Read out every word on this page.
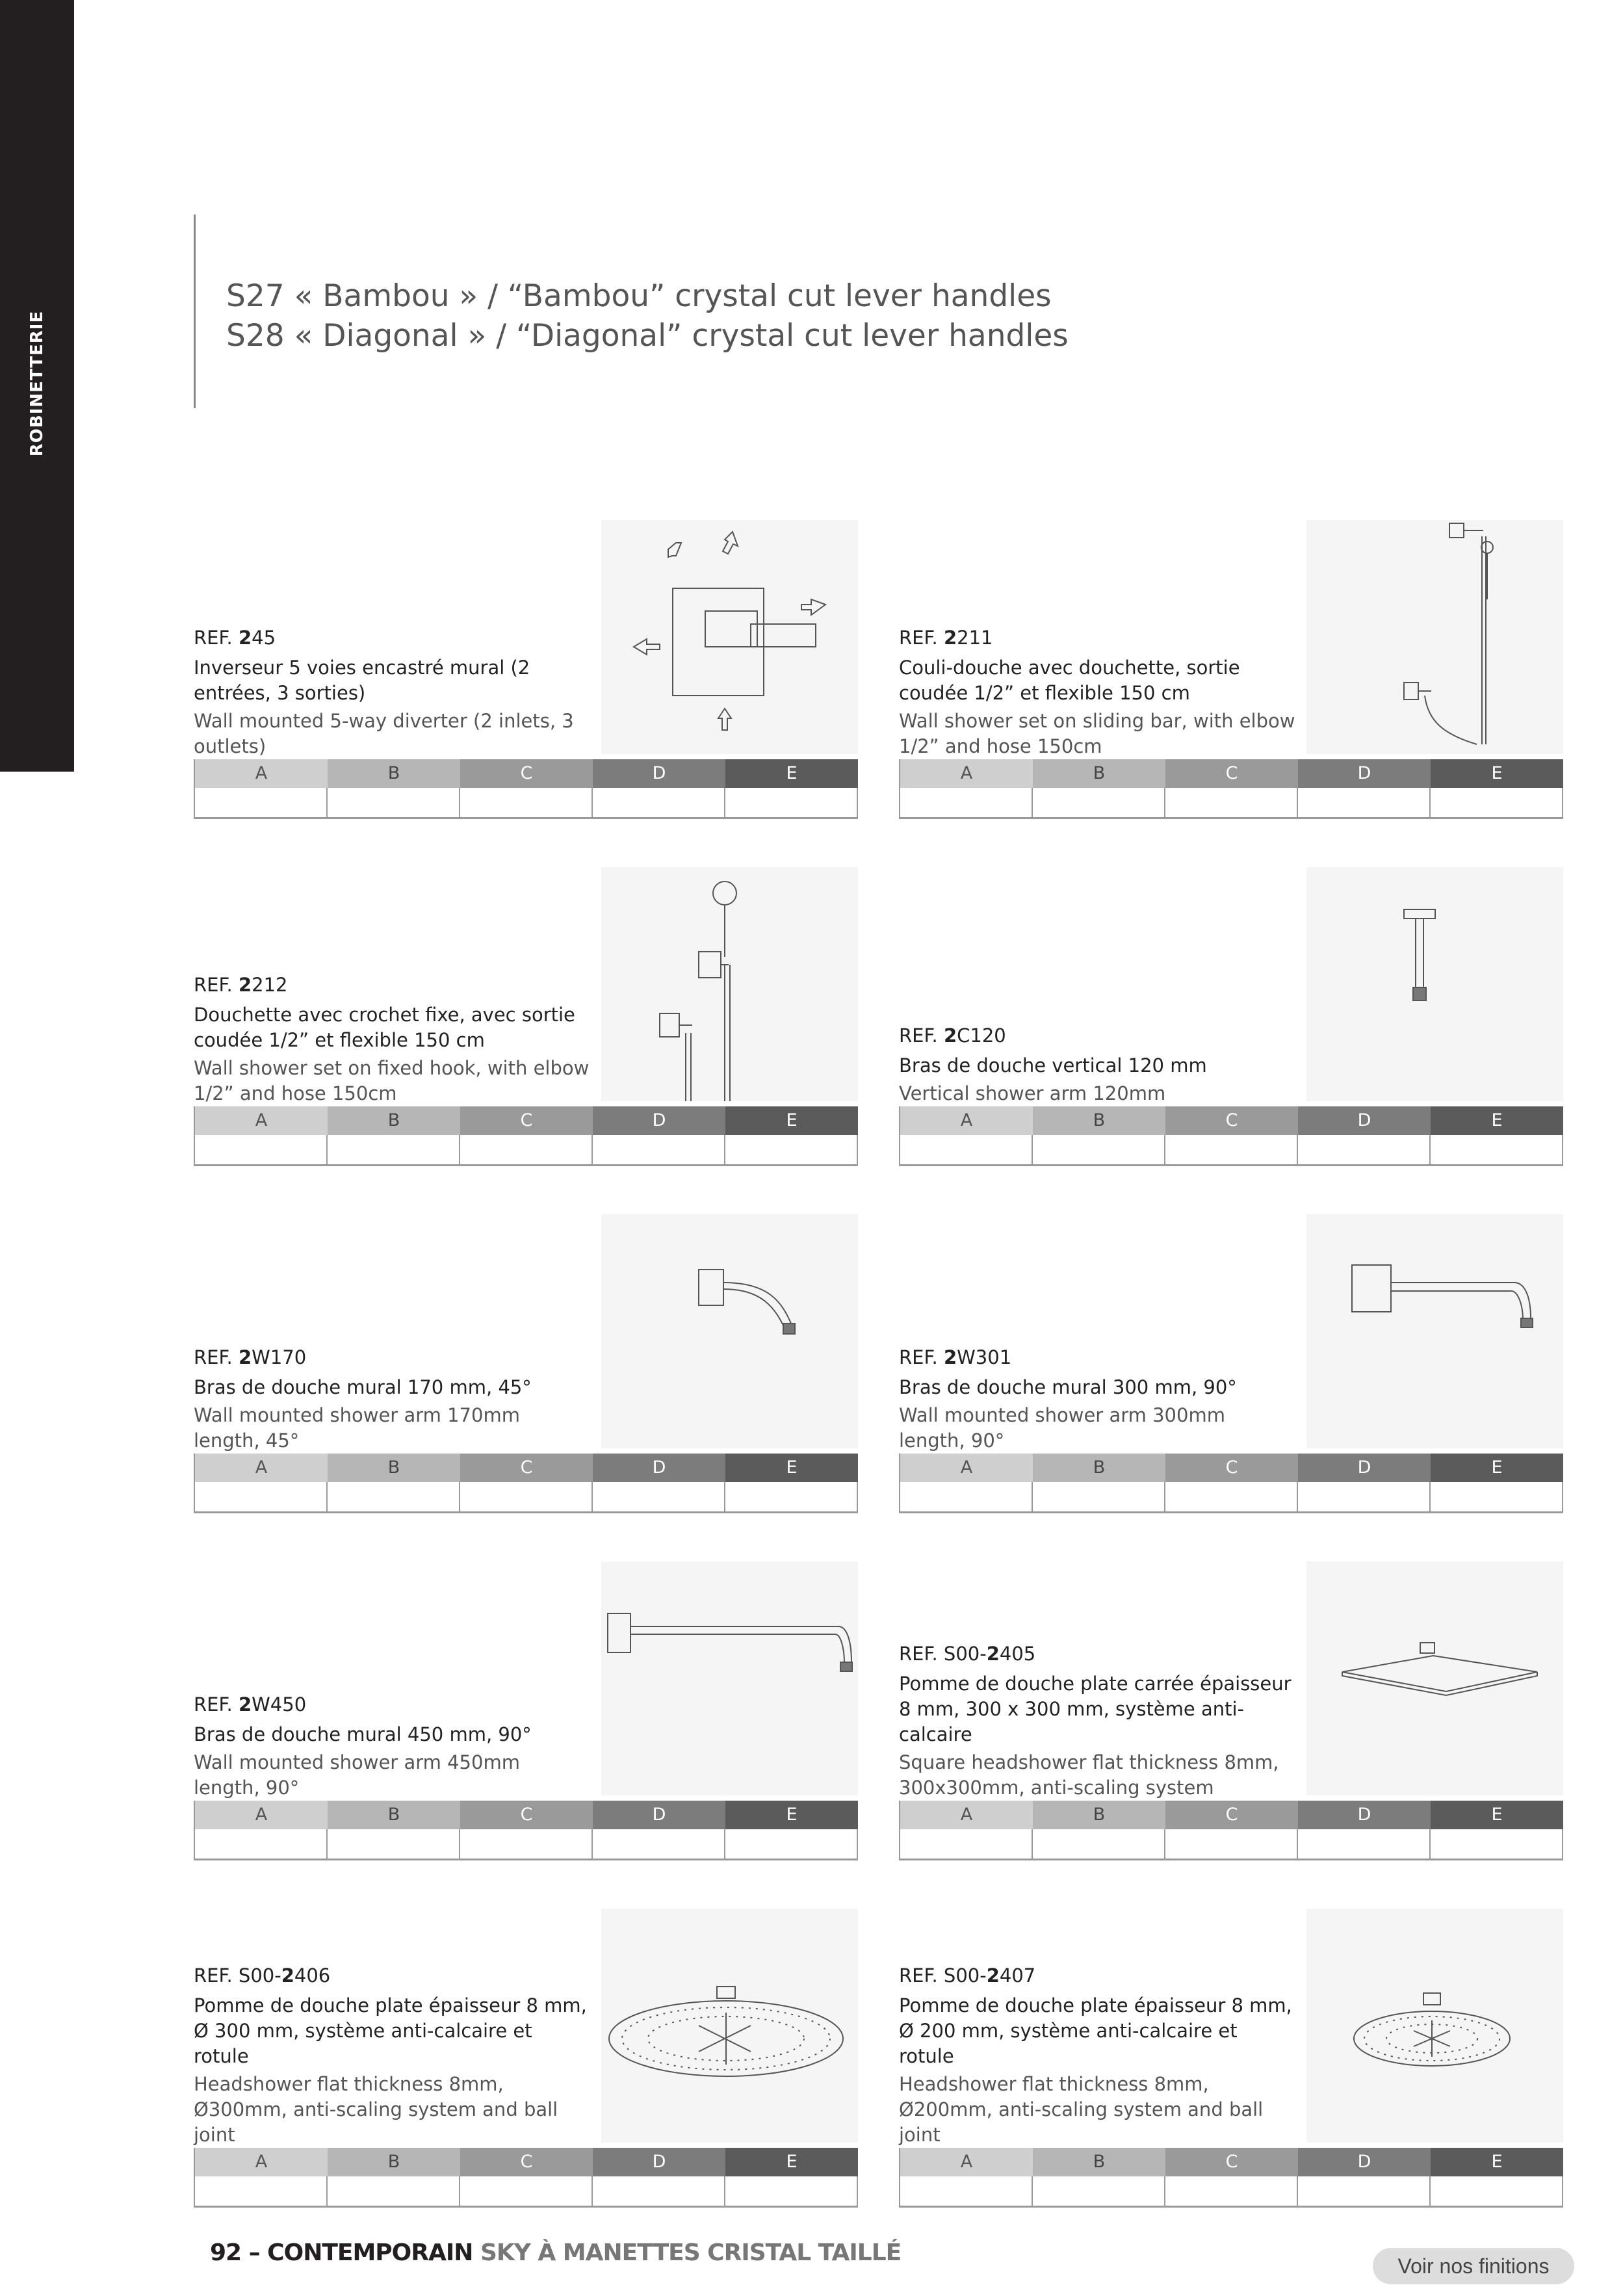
ROBINETTERIE
S27 « Bambou » / “Bambou” crystal cut lever handles
S28 « Diagonal » / “Diagonal” crystal cut lever handles
REF. 245
Inverseur 5 voies encastré mural (2 entrées, 3 sorties)
Wall mounted 5-way diverter (2 inlets, 3 outlets)
A	B	C	D	E
REF. 2211
Couli-douche avec douchette, sortie coudée 1/2” et flexible 150 cm
Wall shower set on sliding bar, with elbow 1/2” and hose 150cm
A	B	C	D	E
REF. 2212
Douchette avec crochet fixe, avec sortie coudée 1/2” et flexible 150 cm
Wall shower set on fixed hook, with elbow 1/2” and hose 150cm
A	B	C	D	E
REF. 2C120
Bras de douche vertical 120 mm
Vertical shower arm 120mm
A	B	C	D	E
REF. 2W170
Bras de douche mural 170 mm, 45°
Wall mounted shower arm 170mm length, 45°
A	B	C	D	E
REF. 2W301
Bras de douche mural 300 mm, 90°
Wall mounted shower arm 300mm length, 90°
A	B	C	D	E
REF. 2W450
Bras de douche mural 450 mm, 90°
Wall mounted shower arm 450mm length, 90°
A	B	C	D	E
REF. S00-2405
Pomme de douche plate carrée épaisseur 8 mm, 300 x 300 mm, système anti-calcaire
Square headshower flat thickness 8mm, 300x300mm, anti-scaling system
A	B	C	D	E
REF. S00-2406
Pomme de douche plate épaisseur 8 mm, Ø 300 mm, système anti-calcaire et rotule
Headshower flat thickness 8mm, Ø300mm, anti-scaling system and ball joint
A	B	C	D	E
REF. S00-2407
Pomme de douche plate épaisseur 8 mm, Ø 200 mm, système anti-calcaire et rotule
Headshower flat thickness 8mm, Ø200mm, anti-scaling system and ball joint
A	B	C	D	E
92 – CONTEMPORAIN SKY À MANETTES CRISTAL TAILLÉ	Voir nos finitions
